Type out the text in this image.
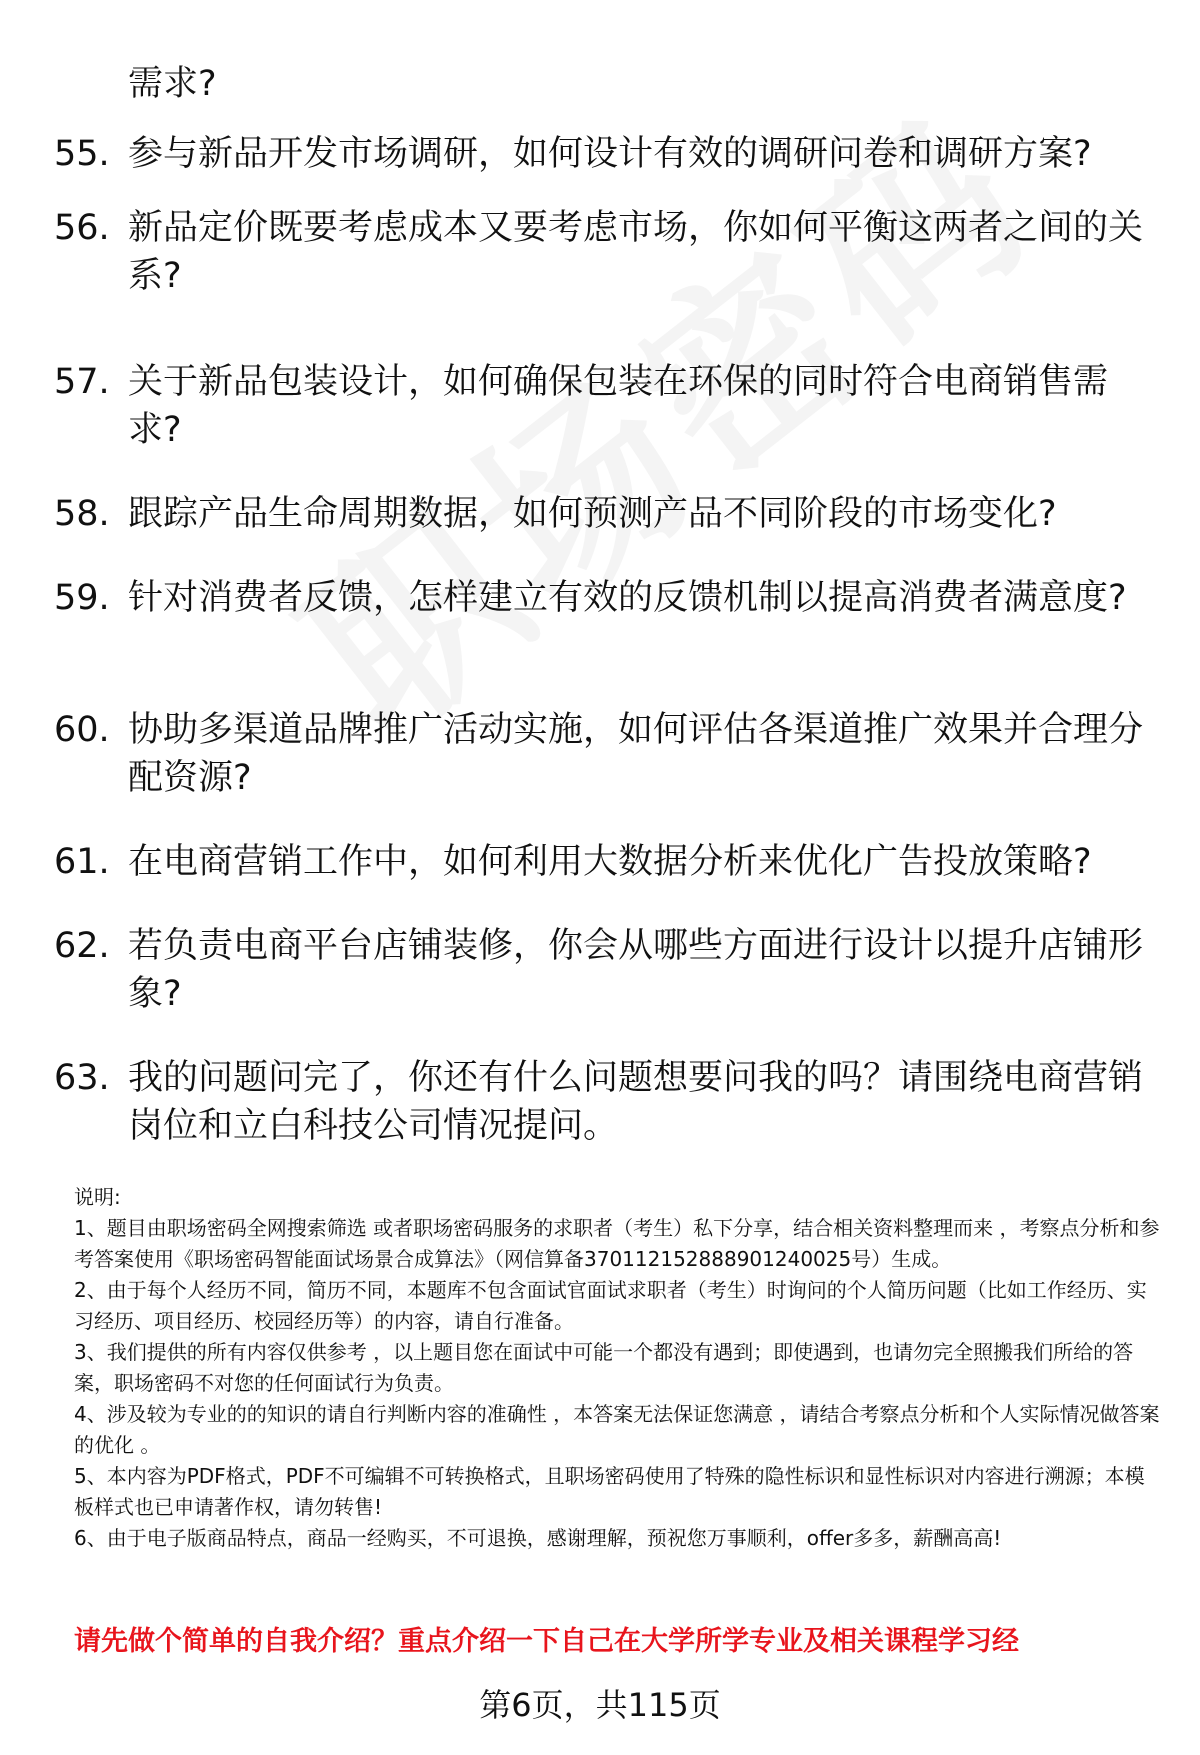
需求?
55. 参与新品开发市场调研，如何设计有效的调研问卷和调研方案?
56. 新品定价既要考虑成本又要考虑市场，你如何平衡这两者之间的关系?
57. 关于新品包装设计，如何确保包装在环保的同时符合电商销售需求?
58. 跟踪产品生命周期数据，如何预测产品不同阶段的市场变化?
59. 针对消费者反馈，怎样建立有效的反馈机制以提高消费者满意度?
60. 协助多渠道品牌推广活动实施，如何评估各渠道推广效果并合理分配资源?
61. 在电商营销工作中，如何利用大数据分析来优化广告投放策略?
62. 若负责电商平台店铺装修，你会从哪些方面进行设计以提升店铺形象?
63. 我的问题问完了，你还有什么问题想要问我的吗？请围绕电商营销岗位和立白科技公司情况提问。

说明:

1、题目由职场密码全网搜索筛选 或者职场密码服务的求职者（考生）私下分享，结合相关资料整理而来 ，考察点分析和参考答案使用《职场密码智能面试场景合成算法》（网信算备370112152888901240025号）生成。

2、由于每个人经历不同，简历不同，本题库不包含面试官面试求职者（考生）时询问的个人简历问题（比如工作经历、实习经历、项目经历、校园经历等）的内容，请自行准备。

3、我们提供的所有内容仅供参考 ，以上题目您在面试中可能一个都没有遇到；即使遇到，也请勿完全照搬我们所给的答案，职场密码不对您的任何面试行为负责。

4、涉及较为专业的的知识的请自行判断内容的准确性 ，本答案无法保证您满意 ，请结合考察点分析和个人实际情况做答案的优化 。

5、本内容为PDF格式，PDF不可编辑不可转换格式，且职场密码使用了特殊的隐性标识和显性标识对内容进行溯源；本模板样式也已申请著作权，请勿转售!

6、由于电子版商品特点，商品一经购买，不可退换，感谢理解，预祝您万事顺利，offer多多，薪酬高高!

请先做个简单的自我介绍？重点介绍一下自己在大学所学专业及相关课程学习经
第6页，共115页
